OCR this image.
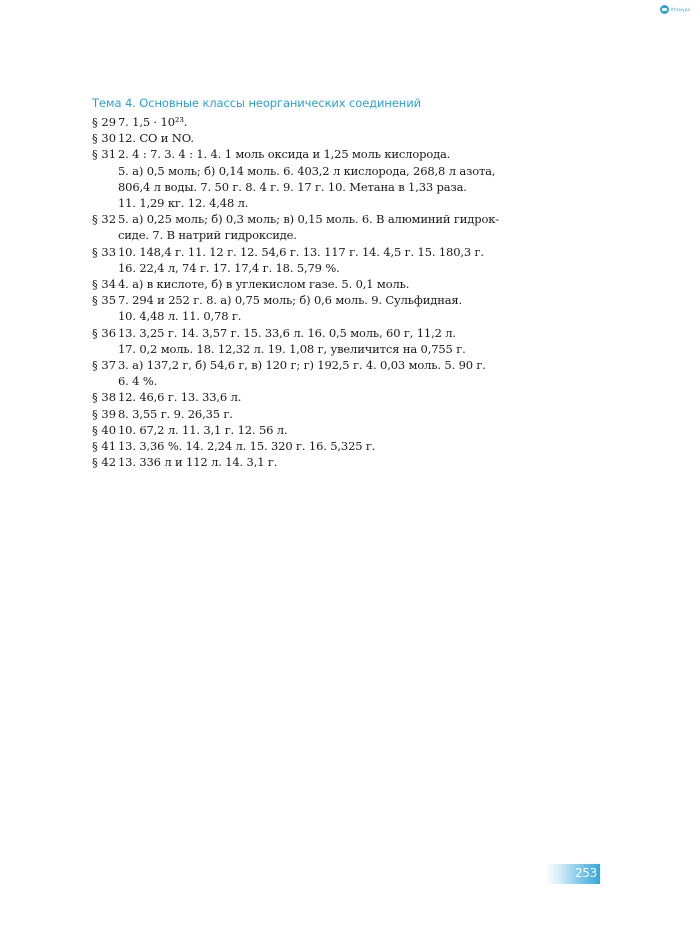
Атамұра
Тема 4. Основные классы неорганических соединений
§ 29 7. 1,5 · 10²³.
§ 30 12. CO и NO.
§ 31 2. 4 : 7. 3. 4 : 1. 4. 1 моль оксида и 1,25 моль кислорода.
5. а) 0,5 моль; б) 0,14 моль. 6. 403,2 л кислорода, 268,8 л азота,
806,4 л воды. 7. 50 г. 8. 4 г. 9. 17 г. 10. Метана в 1,33 раза.
11. 1,29 кг. 12. 4,48 л.
§ 32 5. а) 0,25 моль; б) 0,3 моль; в) 0,15 моль. 6. В алюминий гидрок-
сиде. 7. В натрий гидроксиде.
§ 33 10. 148,4 г. 11. 12 г. 12. 54,6 г. 13. 117 г. 14. 4,5 г. 15. 180,3 г.
16. 22,4 л, 74 г. 17. 17,4 г. 18. 5,79 %.
§ 34 4. а) в кислоте, б) в углекислом газе. 5. 0,1 моль.
§ 35 7. 294 и 252 г. 8. а) 0,75 моль; б) 0,6 моль. 9. Сульфидная.
10. 4,48 л. 11. 0,78 г.
§ 36 13. 3,25 г. 14. 3,57 г. 15. 33,6 л. 16. 0,5 моль, 60 г, 11,2 л.
17. 0,2 моль. 18. 12,32 л. 19. 1,08 г, увеличится на 0,755 г.
§ 37 3. а) 137,2 г, б) 54,6 г, в) 120 г; г) 192,5 г. 4. 0,03 моль. 5. 90 г.
6. 4 %.
§ 38 12. 46,6 г. 13. 33,6 л.
§ 39 8. 3,55 г. 9. 26,35 г.
§ 40 10. 67,2 л. 11. 3,1 г. 12. 56 л.
§ 41 13. 3,36 %. 14. 2,24 л. 15. 320 г. 16. 5,325 г.
§ 42 13. 336 л и 112 л. 14. 3,1 г.
253
